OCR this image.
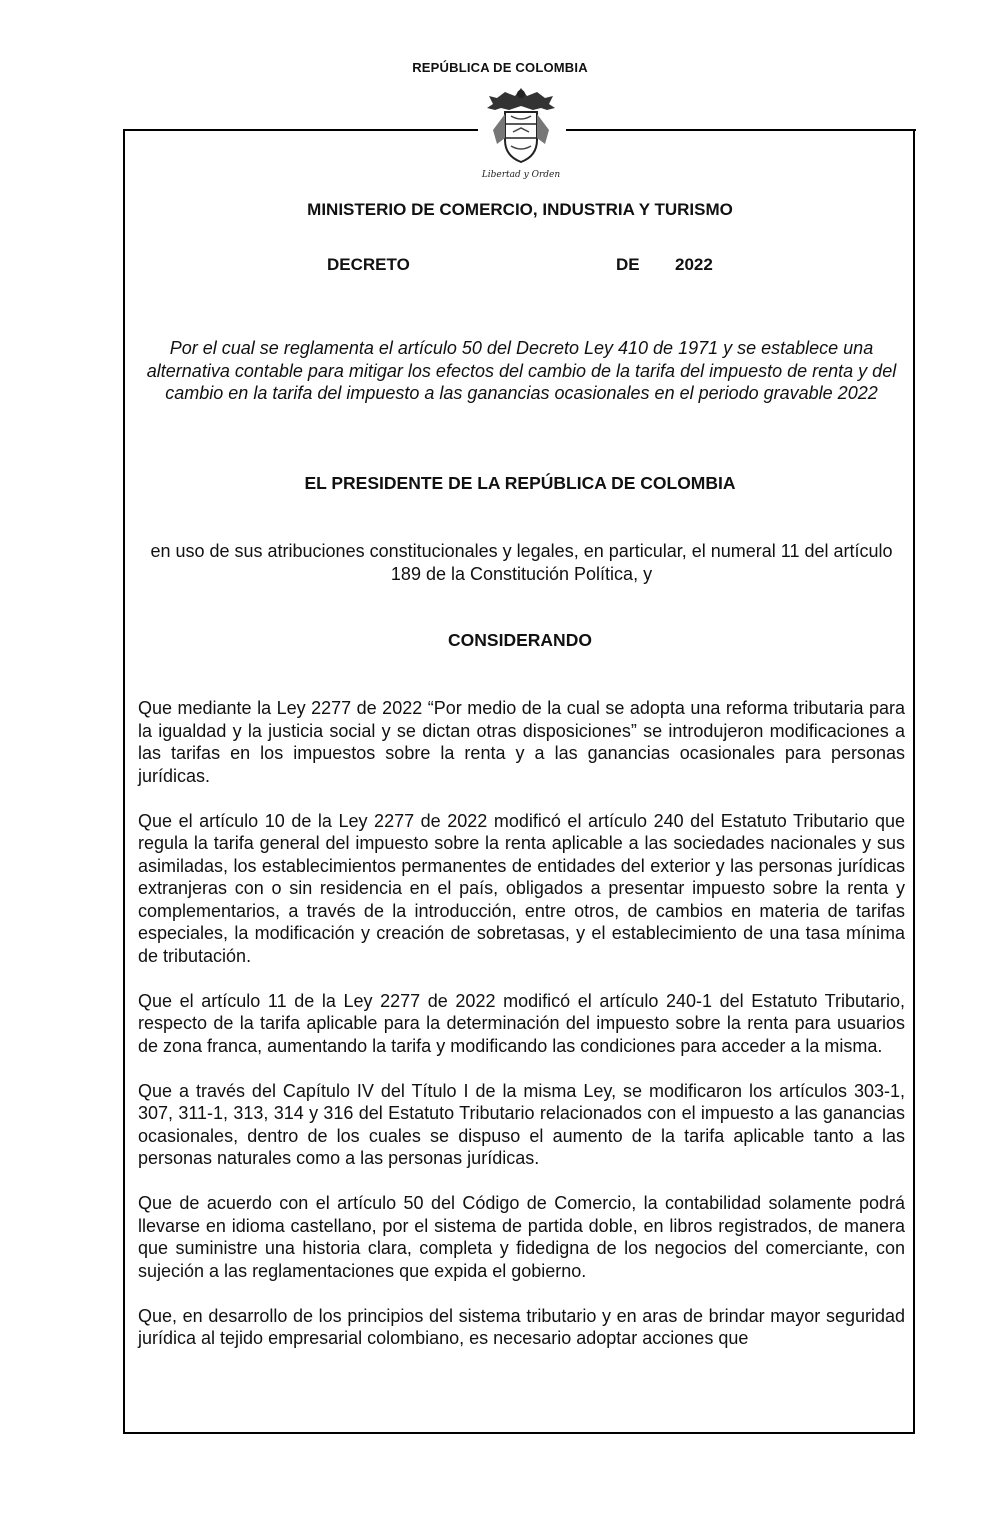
REPÚBLICA DE COLOMBIA
Libertad y Orden
MINISTERIO DE COMERCIO, INDUSTRIA Y TURISMO
DECRETO	DE 2022
Por el cual se reglamenta el artículo 50 del Decreto Ley 410 de 1971 y se establece una alternativa contable para mitigar los efectos del cambio de la tarifa del impuesto de renta y del cambio en la tarifa del impuesto a las ganancias ocasionales en el periodo gravable 2022
EL PRESIDENTE DE LA REPÚBLICA DE COLOMBIA
en uso de sus atribuciones constitucionales y legales, en particular, el numeral 11 del artículo 189 de la Constitución Política, y
CONSIDERANDO

Que mediante la Ley 2277 de 2022 “Por medio de la cual se adopta una reforma tributaria para la igualdad y la justicia social y se dictan otras disposiciones” se introdujeron modificaciones a las tarifas en los impuestos sobre la renta y a las ganancias ocasionales para personas jurídicas.

Que el artículo 10 de la Ley 2277 de 2022 modificó el artículo 240 del Estatuto Tributario que regula la tarifa general del impuesto sobre la renta aplicable a las sociedades nacionales y sus asimiladas, los establecimientos permanentes de entidades del exterior y las personas jurídicas extranjeras con o sin residencia en el país, obligados a presentar impuesto sobre la renta y complementarios, a través de la introducción, entre otros, de cambios en materia de tarifas especiales, la modificación y creación de sobretasas, y el establecimiento de una tasa mínima de tributación.

Que el artículo 11 de la Ley 2277 de 2022 modificó el artículo 240-1 del Estatuto Tributario, respecto de la tarifa aplicable para la determinación del impuesto sobre la renta para usuarios de zona franca, aumentando la tarifa y modificando las condiciones para acceder a la misma.

Que a través del Capítulo IV del Título I de la misma Ley, se modificaron los artículos 303-1, 307, 311-1, 313, 314 y 316 del Estatuto Tributario relacionados con el impuesto a las ganancias ocasionales, dentro de los cuales se dispuso el aumento de la tarifa aplicable tanto a las personas naturales como a las personas jurídicas.

Que de acuerdo con el artículo 50 del Código de Comercio, la contabilidad solamente podrá llevarse en idioma castellano, por el sistema de partida doble, en libros registrados, de manera que suministre una historia clara, completa y fidedigna de los negocios del comerciante, con sujeción a las reglamentaciones que expida el gobierno.

Que, en desarrollo de los principios del sistema tributario y en aras de brindar mayor seguridad jurídica al tejido empresarial colombiano, es necesario adoptar acciones que
